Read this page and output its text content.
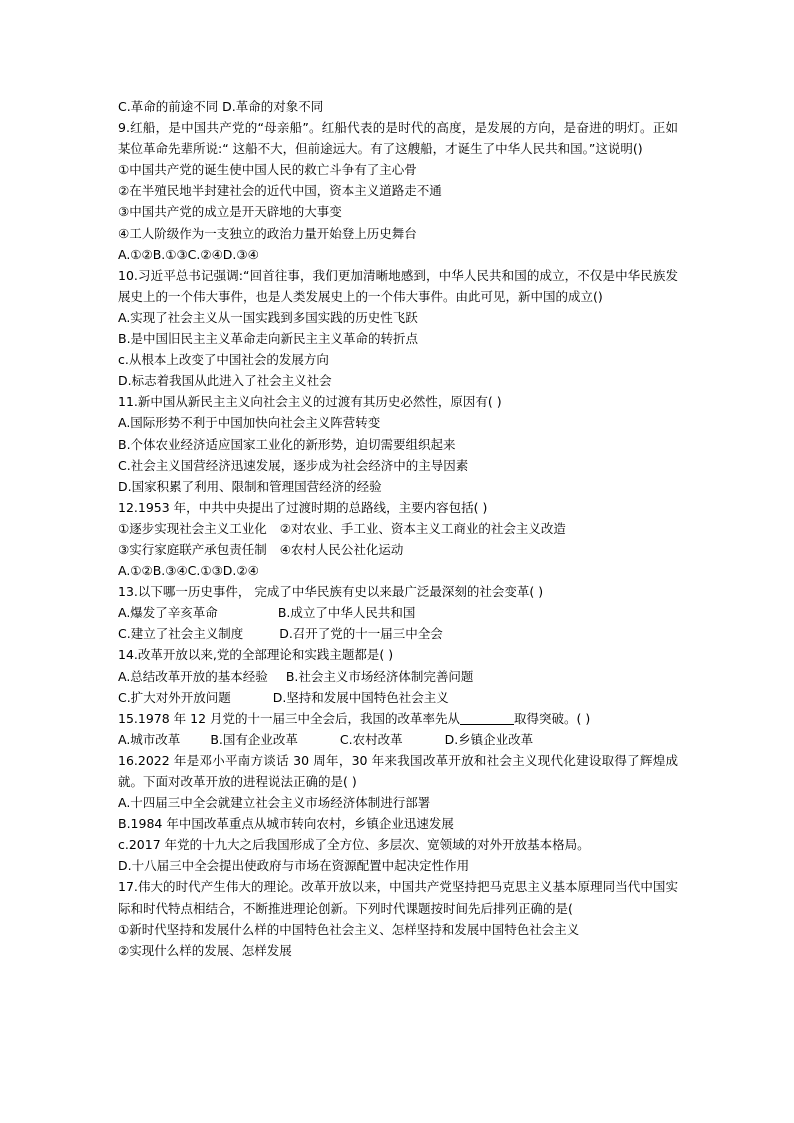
C.革命的前途不同 D.革命的对象不同
9.红船，是中国共产党的“母亲船”。红船代表的是时代的高度，是发展的方向，是奋进的明灯。正如某位革命先辈所说:“ 这船不大，但前途远大。有了这艘船，才诞生了中华人民共和国。”这说明()
①中国共产党的诞生使中国人民的救亡斗争有了主心骨
②在半殖民地半封建社会的近代中国，资本主义道路走不通
③中国共产党的成立是开天辟地的大事变
④工人阶级作为一支独立的政治力量开始登上历史舞台
A.①②B.①③C.②④D.③④
10.习近平总书记强调:“回首往事，我们更加清晰地感到，中华人民共和国的成立，不仅是中华民族发展史上的一个伟大事件，也是人类发展史上的一个伟大事件。由此可见，新中国的成立()
A.实现了社会主义从一国实践到多国实践的历史性飞跃
B.是中国旧民主主义革命走向新民主主义革命的转折点
c.从根本上改变了中国社会的发展方向
D.标志着我国从此进入了社会主义社会
11.新中国从新民主主义向社会主义的过渡有其历史必然性，原因有( )
A.国际形势不利于中国加快向社会主义阵营转变
B.个体农业经济适应国家工业化的新形势，迫切需要组织起来
C.社会主义国营经济迅速发展，逐步成为社会经济中的主导因素
D.国家积累了利用、限制和管理国营经济的经验
12.1953 年，中共中央提出了过渡时期的总路线，主要内容包括( )
①逐步实现社会主义工业化 ②对农业、手工业、资本主义工商业的社会主义改造
③实行家庭联产承包责任制 ④农村人民公社化运动
A.①②B.③④C.①③D.②④
13.以下哪一历史事件， 完成了中华民族有史以来最广泛最深刻的社会变革( )
A.爆发了辛亥革命	B.成立了中华人民共和国
C.建立了社会主义制度	D.召开了党的十一届三中全会
14.改革开放以来,党的全部理论和实践主题都是( )
A.总结改革开放的基本经验 B.社会主义市场经济体制完善问题
C.扩大对外开放问题	D.坚持和发展中国特色社会主义
15.1978 年 12 月党的十一届三中全会后，我国的改革率先从	取得突破。( )
A.城市改革 B.国有企业改革	C.农村改革	D.乡镇企业改革
16.2022 年是邓小平南方谈话 30 周年，30 年来我国改革开放和社会主义现代化建设取得了辉煌成就。下面对改革开放的进程说法正确的是( )
A.十四届三中全会就建立社会主义市场经济体制进行部署
B.1984 年中国改革重点从城市转向农村，乡镇企业迅速发展
c.2017 年党的十九大之后我国形成了全方位、多层次、宽领域的对外开放基本格局。
D.十八届三中全会提出使政府与市场在资源配置中起决定性作用
17.伟大的时代产生伟大的理论。改革开放以来，中国共产党坚持把马克思主义基本原理同当代中国实际和时代特点相结合，不断推进理论创新。下列时代课题按时间先后排列正确的是(
①新时代坚持和发展什么样的中国特色社会主义、怎样坚持和发展中国特色社会主义
②实现什么样的发展、怎样发展
